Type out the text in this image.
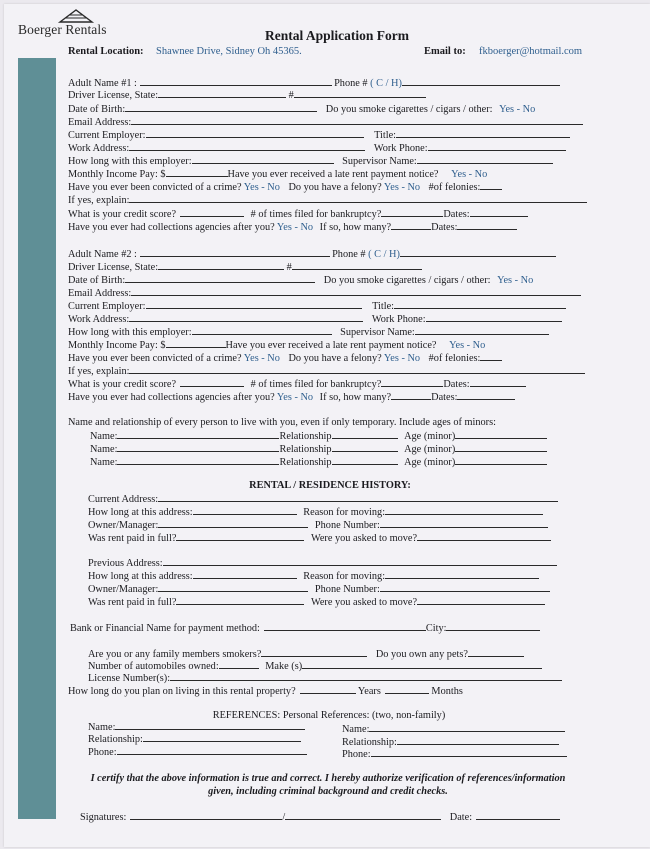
Boerger Rentals	Rental Application Form
Rental Location: Shawnee Drive, Sidney Oh 45365.	Email to: fkboerger@hotmail.com
Adult Name #1 :	Phone # ( C / H)
Driver License, State:	#
Date of Birth:	Do you smoke cigarettes / cigars / other: Yes - No
Email Address:
Current Employer:	Title:
Work Address:	Work Phone:
How long with this employer:	Supervisor Name:
Monthly Income Pay: $	Have you ever received a late rent payment notice? Yes - No
Have you ever been convicted of a crime? Yes - No Do you have a felony? Yes - No #of felonies:
If yes, explain:
What is your credit score?	# of times filed for bankruptcy?	Dates:
Have you ever had collections agencies after you? Yes - No If so, how many?	Dates:
Adult Name #2 :	Phone # ( C / H)
Driver License, State:	#
Date of Birth:	Do you smoke cigarettes / cigars / other: Yes - No
Email Address:
Current Employer:	Title:
Work Address:	Work Phone:
How long with this employer:	Supervisor Name:
Monthly Income Pay: $	Have you ever received a late rent payment notice? Yes - No
Have you ever been convicted of a crime? Yes - No Do you have a felony? Yes - No #of felonies:
If yes, explain:
What is your credit score?	# of times filed for bankruptcy?	Dates:
Have you ever had collections agencies after you? Yes - No If so, how many?	Dates:
Name and relationship of every person to live with you, even if only temporary. Include ages of minors:
Name:	Relationship	Age (minor)
Name:	Relationship	Age (minor)
Name:	Relationship	Age (minor)
RENTAL / RESIDENCE HISTORY:
Current Address:
How long at this address:	Reason for moving:
Owner/Manager:	Phone Number:
Was rent paid in full?	Were you asked to move?
Previous Address:
How long at this address:	Reason for moving:
Owner/Manager:	Phone Number:
Was rent paid in full?	Were you asked to move?
Bank or Financial Name for payment method:	City:
Are you or any family members smokers?	Do you own any pets?
Number of automobiles owned:	Make (s)
License Number(s):
How long do you plan on living in this rental property?	Years	Months
REFERENCES: Personal References: (two, non-family)
Name:
Relationship:
Phone:
Name:
Relationship:
Phone:
I certify that the above information is true and correct. I hereby authorize verification of references/information given, including criminal background and credit checks.
Signatures:	/	Date:
